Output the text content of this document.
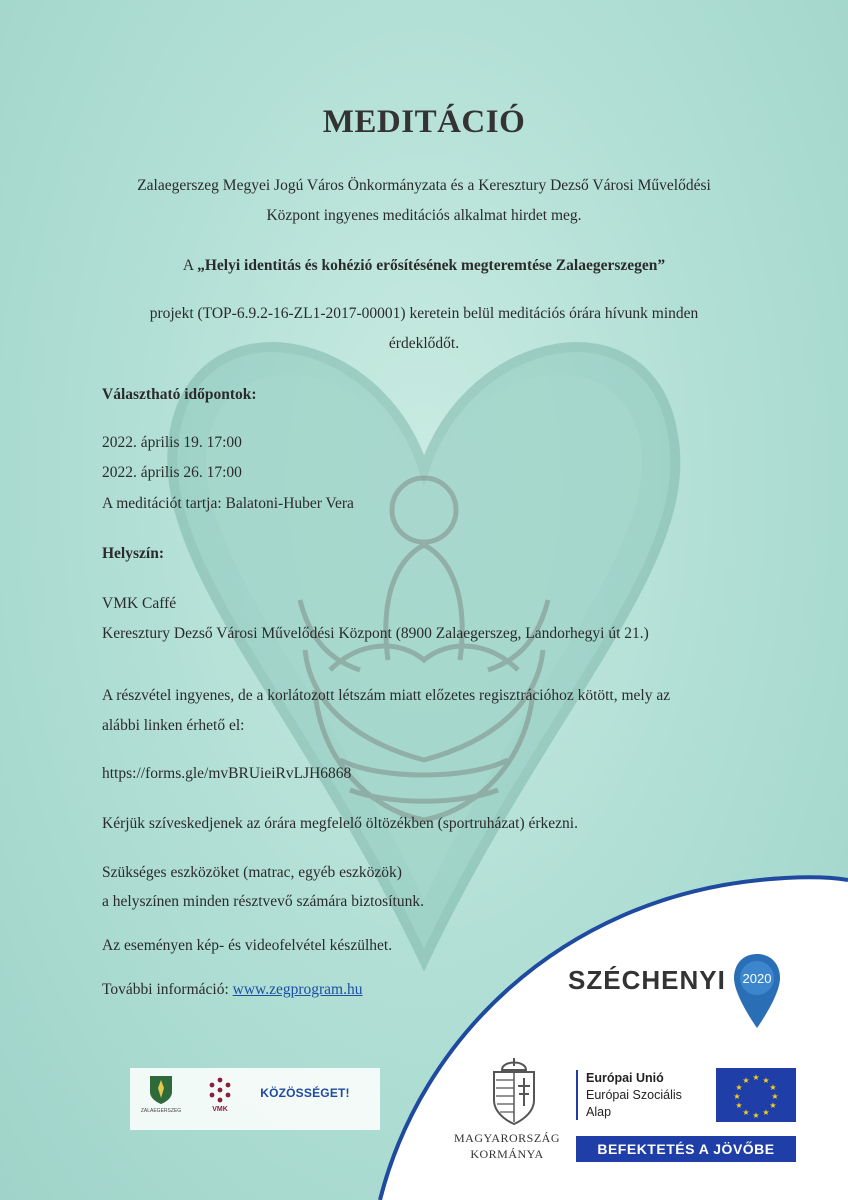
MEDITÁCIÓ
Zalaegerszeg Megyei Jogú Város Önkormányzata és a Keresztury Dezső Városi Művelődési
Központ ingyenes meditációs alkalmat hirdet meg.
A „Helyi identitás és kohézió erősítésének megteremtése Zalaegerszegen”
projekt (TOP-6.9.2-16-ZL1-2017-00001) keretein belül meditációs órára hívunk minden
érdeklődőt.
Választható időpontok:
2022. április 19. 17:00
2022. április 26. 17:00
A meditációt tartja: Balatoni-Huber Vera
Helyszín:
VMK Caffé
Keresztury Dezső Városi Művelődési Központ (8900 Zalaegerszeg, Landorhegyi út 21.)
A részvétel ingyenes, de a korlátozott létszám miatt előzetes regisztrációhoz kötött, mely az
alábbi linken érhető el:
https://forms.gle/mvBRUieiRvLJH6868
Kérjük szíveskedjenek az órára megfelelő öltözékben (sportruházat) érkezni.
Szükséges eszközöket (matrac, egyéb eszközök)
a helyszínen minden résztvevő számára biztosítunk.
Az eseményen kép- és videofelvétel készülhet.
További információ: www.zegprogram.hu
ZALAEGERSZEG	VMK
KÖZÖSSÉGET!
SZÉCHENYI 2020
MAGYARORSZÁG
KORMÁNYA
Európai Unió
Európai Szociális
Alap
★ ★
★
★
★
★
★
★
★
★
★
★
BEFEKTETÉS A JÖVŐBE
